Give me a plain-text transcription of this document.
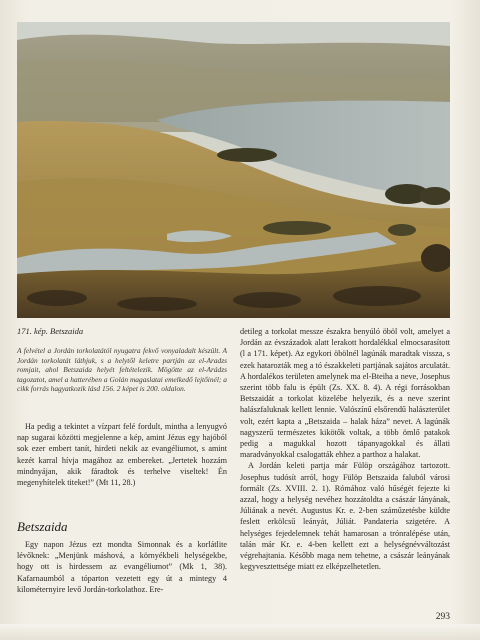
171. kép. Betszaida

A felvétel a Jordán torkolatától nyugatra fekvő vonyaladalt készült. A Jordán torkolatát láthjuk, s a helytől keletre partján az el-Aradzs romjait, ahol Betszaida helyét feltételezik. Mögötte az el-Arádzs tagozatot, amel a hatterében a Golán magaslatai emelkedő lejtőinél; a cikk forrás hagyatkozik lásd 156. 2 képet is 200. oldalon.

Ha pedig a tekintet a vízpart felé fordult, mintha a lenyugvó nap sugarai közötti megjelenne a kép, amint Jézus egy hajóból sok ezer embert tanít, hirdeti nekik az evangéliumot, s amint kezét karral hívja magához az embereket. „Jertetek hozzám mindnyájan, akik fáradtok és terhelve viseltek! Én megenyhítelek titeket!” (Mt 11, 28.)

Betszaida

Egy napon Jézus ezt mondta Simonnak és a korlátlite lévőknek: „Menjünk máshová, a környékbeli helységekbe, hogy ott is hirdessem az evangéliumot” (Mk 1, 38). Kafarnaumból a tóparton vezetett egy út a mintegy 4 kilométernyire levő Jordán-torkolathoz. Ere-

detileg a torkolat messze északra benyúló öböl volt, amelyet a Jordán az évszázadok alatt lerakott hordalékkal elmocsarasított (l a 171. képet). Az egykori öbölnél lagúnák maradtak vissza, s ezek hatarozták meg a tó északkeleti partjának sajátos arculatát. A hordalékos területen amelynek ma el-Bteiha a neve, Josephus szerint több falu is épült (Zs. XX. 8. 4). A régi forrásokban Betszaidát a torkolat közelébe helyezik, és a neve szerint halászfaluknak kellett lennie. Valószínű elsőrendű halászterület volt, ezért kapta a „Betszaida – halak háza” nevet. A lagúnák nagyszerű természetes kikötők voltak, a több ömlő patakok pedig a magukkal hozott tápanyagokkal és állati maradványokkal csalogatták ehhez a parthoz a halakat.

A Jordán keleti partja már Fülöp országához tartozott. Josephus tudósít arról, hogy Fülöp Betszaida faluból városi formált (Zs. XVIII. 2. 1). Rómához való hűségét fejezte ki azzal, hogy a helység nevéhez hozzátoldta a császár lányának, Júliának a nevét. Augustus Kr. e. 2-ben száműzetésbe küldte feslett erkölcsű leányát, Júliát. Pandateria szigetére. A helységes fejedelemnek tehát hamarosan a trónralépése után, talán már Kr. e. 4-ben kellett ezt a helységnévváltozást végrehajtania. Később maga nem tehetne, a császár leányának kegyvesztettsége miatt ez elképzelhetetlen.

293
